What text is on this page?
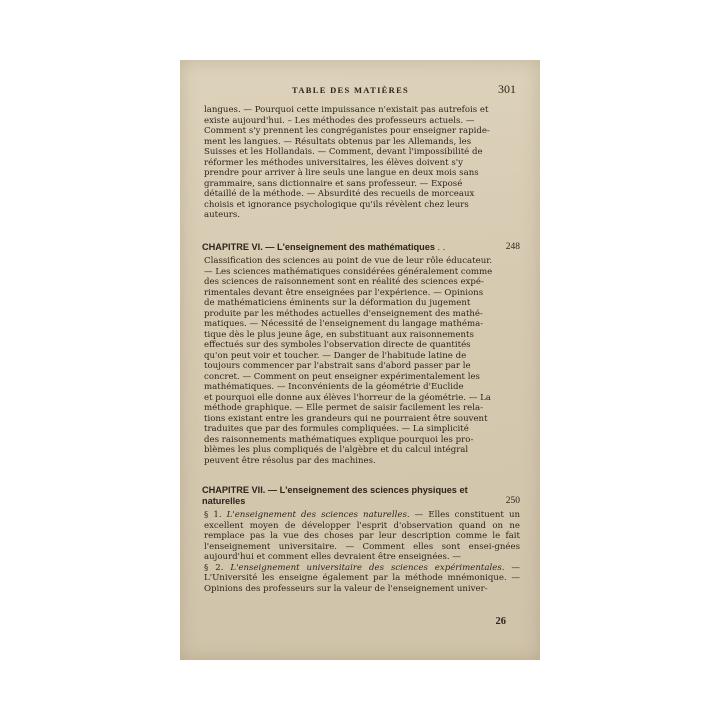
TABLE DES MATIÈRES	301

langues. — Pourquoi cette impuissance n'existait pas autrefois et

existe aujourd'hui. – Les méthodes des professeurs actuels. —

Comment s'y prennent les congréganistes pour enseigner rapide-

ment les langues. — Résultats obtenus par les Allemands, les

Suisses et les Hollandais. — Comment, devant l'impossibilité de

réformer les méthodes universitaires, les élèves doivent s'y

prendre pour arriver à lire seuls une langue en deux mois sans

grammaire, sans dictionnaire et sans professeur. — Exposé

détaillé de la méthode. — Absurdité des recueils de morceaux

choisis et ignorance psychologique qu'ils révèlent chez leurs

auteurs.

CHAPITRE VI. — L'enseignement des mathématiques . .	248

Classification des sciences au point de vue de leur rôle éducateur.

— Les sciences mathématiques considérées généralement comme

des sciences de raisonnement sont en réalité des sciences expé-

rimentales devant être enseignées par l'expérience. — Opinions

de mathématiciens éminents sur la déformation du jugement

produite par les méthodes actuelles d'enseignement des mathé-

matiques. — Nécessité de l'enseignement du langage mathéma-

tique dès le plus jeune âge, en substituant aux raisonnements

effectués sur des symboles l'observation directe de quantités

qu'on peut voir et toucher. — Danger de l'habitude latine de

toujours commencer par l'abstrait sans d'abord passer par le

concret. — Comment on peut enseigner expérimentalement les

mathématiques. — Inconvénients de la géométrie d'Euclide

et pourquoi elle donne aux élèves l'horreur de la géométrie. — La

méthode graphique. — Elle permet de saisir facilement les rela-

tions existant entre les grandeurs qui ne pourraient être souvent

traduites que par des formules compliquées. — La simplicité

des raisonnements mathématiques explique pourquoi les pro-

blèmes les plus compliqués de l'algèbre et du calcul intégral

peuvent être résolus par des machines.

CHAPITRE VII. — L'enseignement des sciences physiques et
naturelles	250

§ 1. L'enseignement des sciences naturelles. — Elles constituent un excellent moyen de développer l'esprit d'observation quand on ne remplace pas la vue des choses par leur description comme le fait l'enseignement universitaire. — Comment elles sont ensei-gnées aujourd'hui et comment elles devraient être enseignées. —

§ 2. L'enseignement universitaire des sciences expérimentales. — L'Université les enseigne également par la méthode mnémonique. — Opinions des professeurs sur la valeur de l'enseignement univer-

26
